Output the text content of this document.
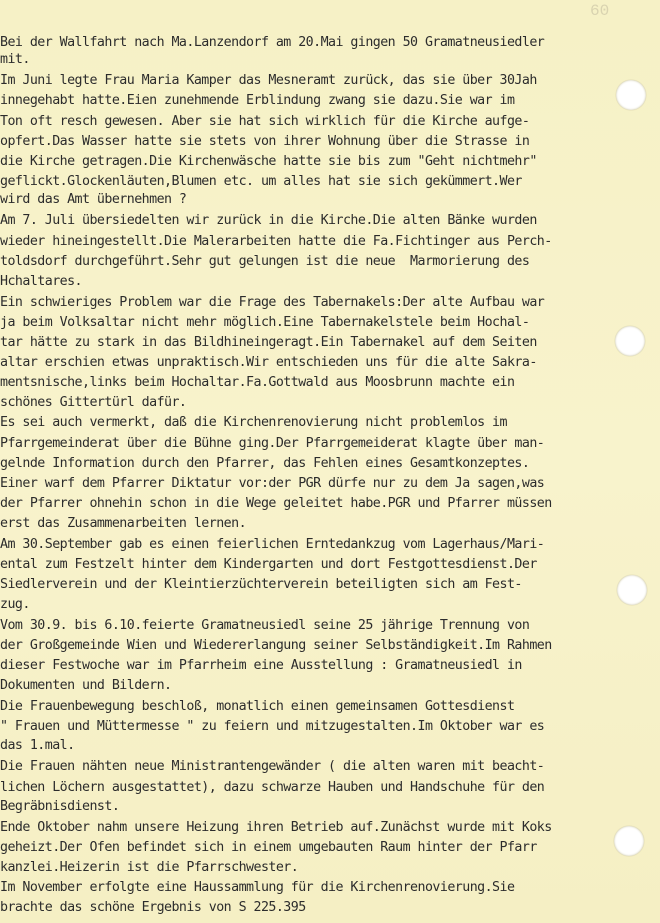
60
Bei der Wallfahrt nach Ma.Lanzendorf am 20.Mai gingen 50 Gramatneusiedler
mit.
Im Juni legte Frau Maria Kamper das Mesneramt zurück, das sie über 30Jah
innegehabt hatte.Eien zunehmende Erblindung zwang sie dazu.Sie war im
Ton oft resch gewesen. Aber sie hat sich wirklich für die Kirche aufge-
opfert.Das Wasser hatte sie stets von ihrer Wohnung über die Strasse in
die Kirche getragen.Die Kirchenwäsche hatte sie bis zum "Geht nichtmehr"
geflickt.Glockenläuten,Blumen etc. um alles hat sie sich gekümmert.Wer
wird das Amt übernehmen ?
Am 7. Juli übersiedelten wir zurück in die Kirche.Die alten Bänke wurden
wieder hineingestellt.Die Malerarbeiten hatte die Fa.Fichtinger aus Perch-
toldsdorf durchgeführt.Sehr gut gelungen ist die neue  Marmorierung des
Hchaltares.
Ein schwieriges Problem war die Frage des Tabernakels:Der alte Aufbau war
ja beim Volksaltar nicht mehr möglich.Eine Tabernakelstele beim Hochal-
tar hätte zu stark in das Bildhineingeragt.Ein Tabernakel auf dem Seiten
altar erschien etwas unpraktisch.Wir entschieden uns für die alte Sakra-
mentsnische,links beim Hochaltar.Fa.Gottwald aus Moosbrunn machte ein
schönes Gittertürl dafür.
Es sei auch vermerkt, daß die Kirchenrenovierung nicht problemlos im
Pfarrgemeinderat über die Bühne ging.Der Pfarrgemeiderat klagte über man-
gelnde Information durch den Pfarrer, das Fehlen eines Gesamtkonzeptes.
Einer warf dem Pfarrer Diktatur vor:der PGR dürfe nur zu dem Ja sagen,was
der Pfarrer ohnehin schon in die Wege geleitet habe.PGR und Pfarrer müssen
erst das Zusammenarbeiten lernen.
Am 30.September gab es einen feierlichen Erntedankzug vom Lagerhaus/Mari-
ental zum Festzelt hinter dem Kindergarten und dort Festgottesdienst.Der
Siedlerverein und der Kleintierzüchterverein beteiligten sich am Fest-
zug.
Vom 30.9. bis 6.10.feierte Gramatneusiedl seine 25 jährige Trennung von
der Großgemeinde Wien und Wiedererlangung seiner Selbständigkeit.Im Rahmen
dieser Festwoche war im Pfarrheim eine Ausstellung : Gramatneusiedl in
Dokumenten und Bildern.
Die Frauenbewegung beschloß, monatlich einen gemeinsamen Gottesdienst
" Frauen und Müttermesse " zu feiern und mitzugestalten.Im Oktober war es
das 1.mal.
Die Frauen nähten neue Ministrantengewänder ( die alten waren mit beacht-
lichen Löchern ausgestattet), dazu schwarze Hauben und Handschuhe für den
Begräbnisdienst.
Ende Oktober nahm unsere Heizung ihren Betrieb auf.Zunächst wurde mit Koks
geheizt.Der Ofen befindet sich in einem umgebauten Raum hinter der Pfarr
kanzlei.Heizerin ist die Pfarrschwester.
Im November erfolgte eine Haussammlung für die Kirchenrenovierung.Sie
brachte das schöne Ergebnis von S 225.395
